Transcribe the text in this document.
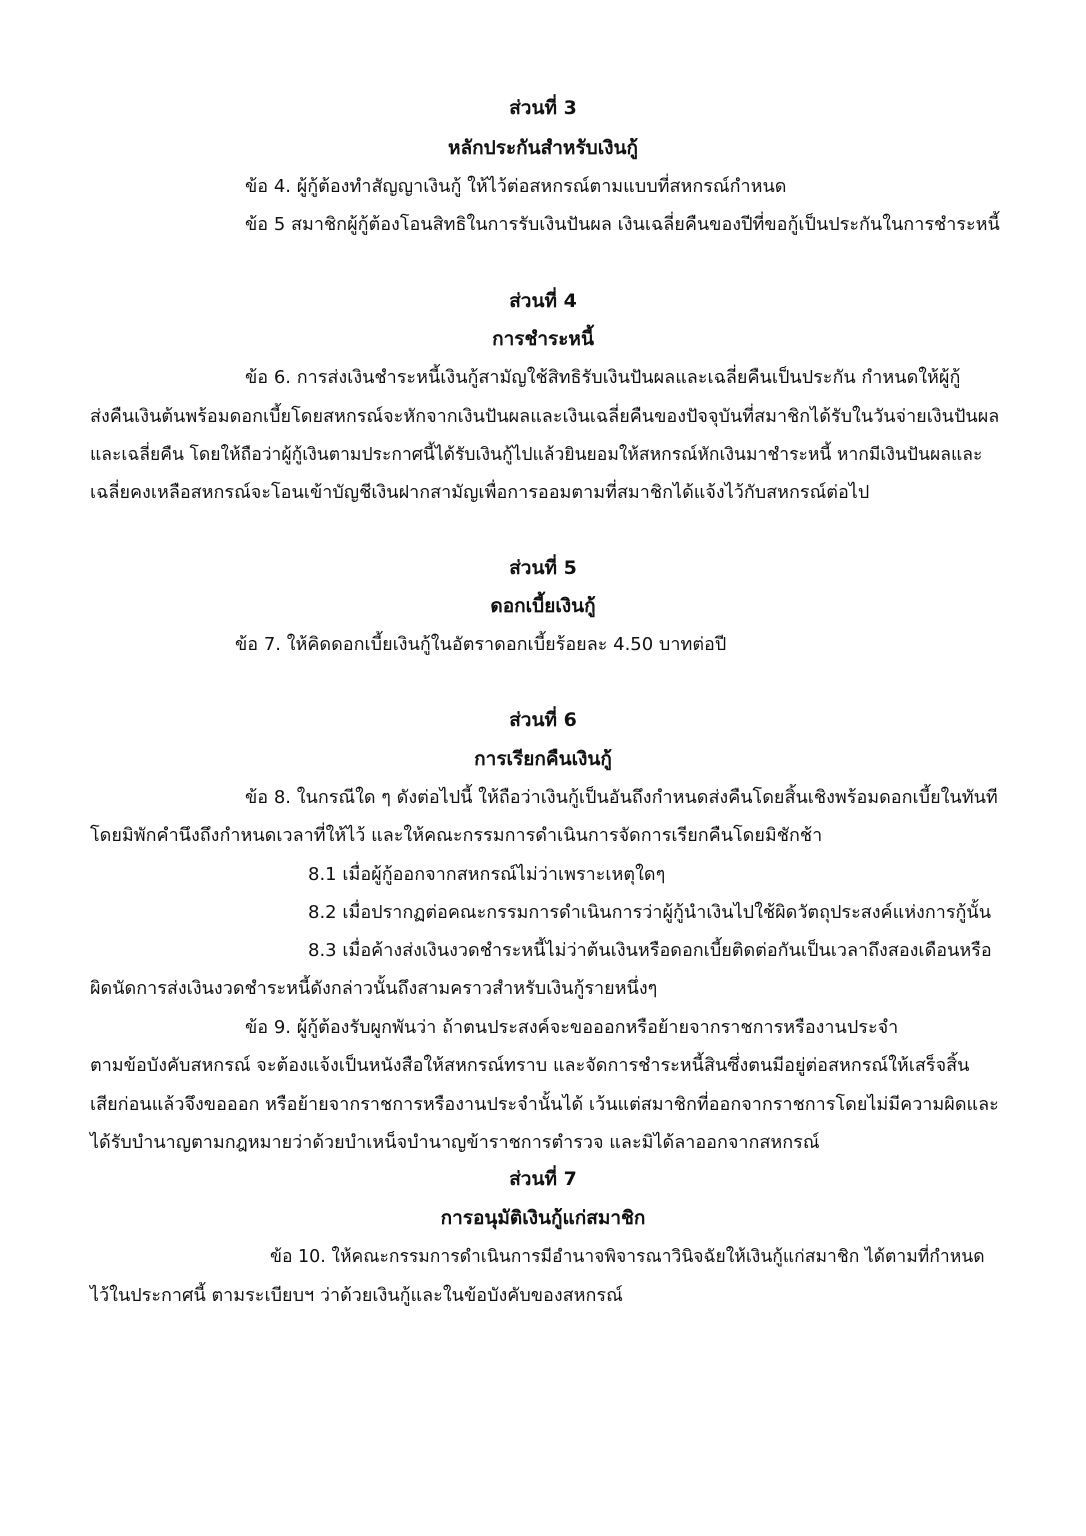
ส่วนที่ 3
หลักประกันสำหรับเงินกู้
ข้อ 4. ผู้กู้ต้องทำสัญญาเงินกู้ ให้ไว้ต่อสหกรณ์ตามแบบที่สหกรณ์กำหนด
ข้อ 5 สมาชิกผู้กู้ต้องโอนสิทธิในการรับเงินปันผล เงินเฉลี่ยคืนของปีที่ขอกู้เป็นประกันในการชำระหนี้
ส่วนที่ 4
การชำระหนี้
ข้อ 6. การส่งเงินชำระหนี้เงินกู้สามัญใช้สิทธิรับเงินปันผลและเฉลี่ยคืนเป็นประกัน กำหนดให้ผู้กู้
ส่งคืนเงินต้นพร้อมดอกเบี้ยโดยสหกรณ์จะหักจากเงินปันผลและเงินเฉลี่ยคืนของปัจจุบันที่สมาชิกได้รับในวันจ่ายเงินปันผล
และเฉลี่ยคืน โดยให้ถือว่าผู้กู้เงินตามประกาศนี้ได้รับเงินกู้ไปแล้วยินยอมให้สหกรณ์หักเงินมาชำระหนี้ หากมีเงินปันผลและ
เฉลี่ยคงเหลือสหกรณ์จะโอนเข้าบัญชีเงินฝากสามัญเพื่อการออมตามที่สมาชิกได้แจ้งไว้กับสหกรณ์ต่อไป
ส่วนที่ 5
ดอกเบี้ยเงินกู้
ข้อ 7. ให้คิดดอกเบี้ยเงินกู้ในอัตราดอกเบี้ยร้อยละ 4.50 บาทต่อปี
ส่วนที่ 6
การเรียกคืนเงินกู้
ข้อ 8. ในกรณีใด ๆ ดังต่อไปนี้ ให้ถือว่าเงินกู้เป็นอันถึงกำหนดส่งคืนโดยสิ้นเชิงพร้อมดอกเบี้ยในทันที
โดยมิพักคำนึงถึงกำหนดเวลาที่ให้ไว้ และให้คณะกรรมการดำเนินการจัดการเรียกคืนโดยมิชักช้า
8.1 เมื่อผู้กู้ออกจากสหกรณ์ไม่ว่าเพราะเหตุใดๆ
8.2 เมื่อปรากฏต่อคณะกรรมการดำเนินการว่าผู้กู้นำเงินไปใช้ผิดวัตถุประสงค์แห่งการกู้นั้น
8.3 เมื่อค้างส่งเงินงวดชำระหนี้ไม่ว่าต้นเงินหรือดอกเบี้ยติดต่อกันเป็นเวลาถึงสองเดือนหรือ
ผิดนัดการส่งเงินงวดชำระหนี้ดังกล่าวนั้นถึงสามคราวสำหรับเงินกู้รายหนึ่งๆ
ข้อ 9. ผู้กู้ต้องรับผูกพันว่า ถ้าตนประสงค์จะขอออกหรือย้ายจากราชการหรืองานประจำ
ตามข้อบังคับสหกรณ์ จะต้องแจ้งเป็นหนังสือให้สหกรณ์ทราบ และจัดการชำระหนี้สินซึ่งตนมีอยู่ต่อสหกรณ์ให้เสร็จสิ้น
เสียก่อนแล้วจึงขอออก หรือย้ายจากราชการหรืองานประจำนั้นได้ เว้นแต่สมาชิกที่ออกจากราชการโดยไม่มีความผิดและ
ได้รับบำนาญตามกฎหมายว่าด้วยบำเหน็จบำนาญข้าราชการตำรวจ และมิได้ลาออกจากสหกรณ์
ส่วนที่ 7
การอนุมัติเงินกู้แก่สมาชิก
ข้อ 10. ให้คณะกรรมการดำเนินการมีอำนาจพิจารณาวินิจฉัยให้เงินกู้แก่สมาชิก ได้ตามที่กำหนด
ไว้ในประกาศนี้ ตามระเบียบฯ ว่าด้วยเงินกู้และในข้อบังคับของสหกรณ์
